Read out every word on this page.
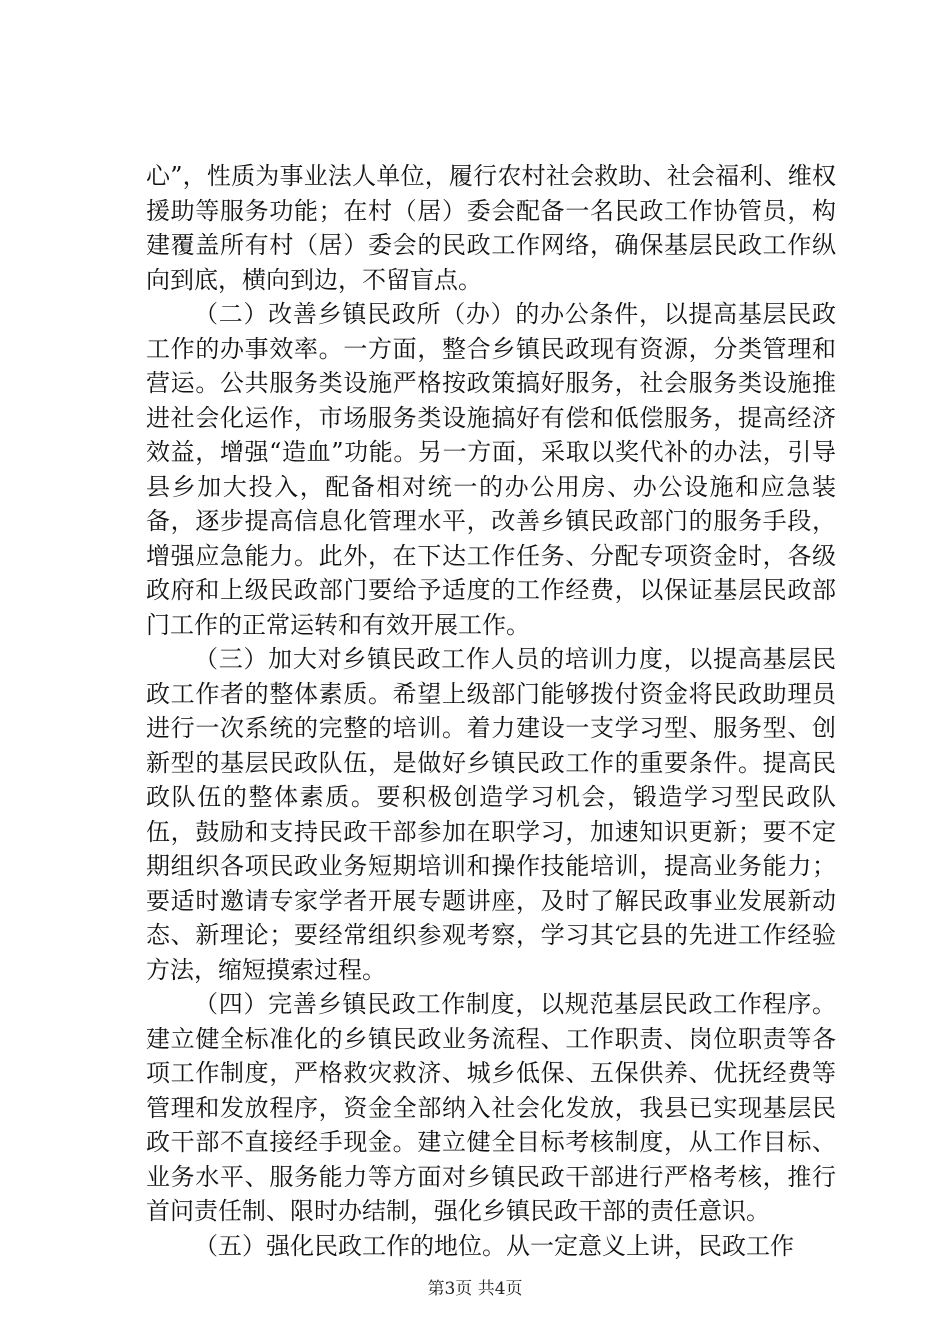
心”，性质为事业法人单位，履行农村社会救助、社会福利、维权援助等服务功能；在村（居）委会配备一名民政工作协管员，构建覆盖所有村（居）委会的民政工作网络，确保基层民政工作纵向到底，横向到边，不留盲点。

（二）改善乡镇民政所（办）的办公条件，以提高基层民政工作的办事效率。一方面，整合乡镇民政现有资源，分类管理和营运。公共服务类设施严格按政策搞好服务，社会服务类设施推进社会化运作，市场服务类设施搞好有偿和低偿服务，提高经济效益，增强“造血”功能。另一方面，采取以奖代补的办法，引导县乡加大投入，配备相对统一的办公用房、办公设施和应急装备，逐步提高信息化管理水平，改善乡镇民政部门的服务手段，增强应急能力。此外，在下达工作任务、分配专项资金时，各级政府和上级民政部门要给予适度的工作经费，以保证基层民政部门工作的正常运转和有效开展工作。

（三）加大对乡镇民政工作人员的培训力度，以提高基层民政工作者的整体素质。希望上级部门能够拨付资金将民政助理员进行一次系统的完整的培训。着力建设一支学习型、服务型、创新型的基层民政队伍，是做好乡镇民政工作的重要条件。提高民政队伍的整体素质。要积极创造学习机会，锻造学习型民政队伍，鼓励和支持民政干部参加在职学习，加速知识更新；要不定期组织各项民政业务短期培训和操作技能培训，提高业务能力；要适时邀请专家学者开展专题讲座，及时了解民政事业发展新动态、新理论；要经常组织参观考察，学习其它县的先进工作经验方法，缩短摸索过程。

（四）完善乡镇民政工作制度，以规范基层民政工作程序。建立健全标准化的乡镇民政业务流程、工作职责、岗位职责等各项工作制度，严格救灾救济、城乡低保、五保供养、优抚经费等管理和发放程序，资金全部纳入社会化发放，我县已实现基层民政干部不直接经手现金。建立健全目标考核制度，从工作目标、业务水平、服务能力等方面对乡镇民政干部进行严格考核，推行首问责任制、限时办结制，强化乡镇民政干部的责任意识。

（五）强化民政工作的地位。从一定意义上讲，民政工作

第3页 共4页
